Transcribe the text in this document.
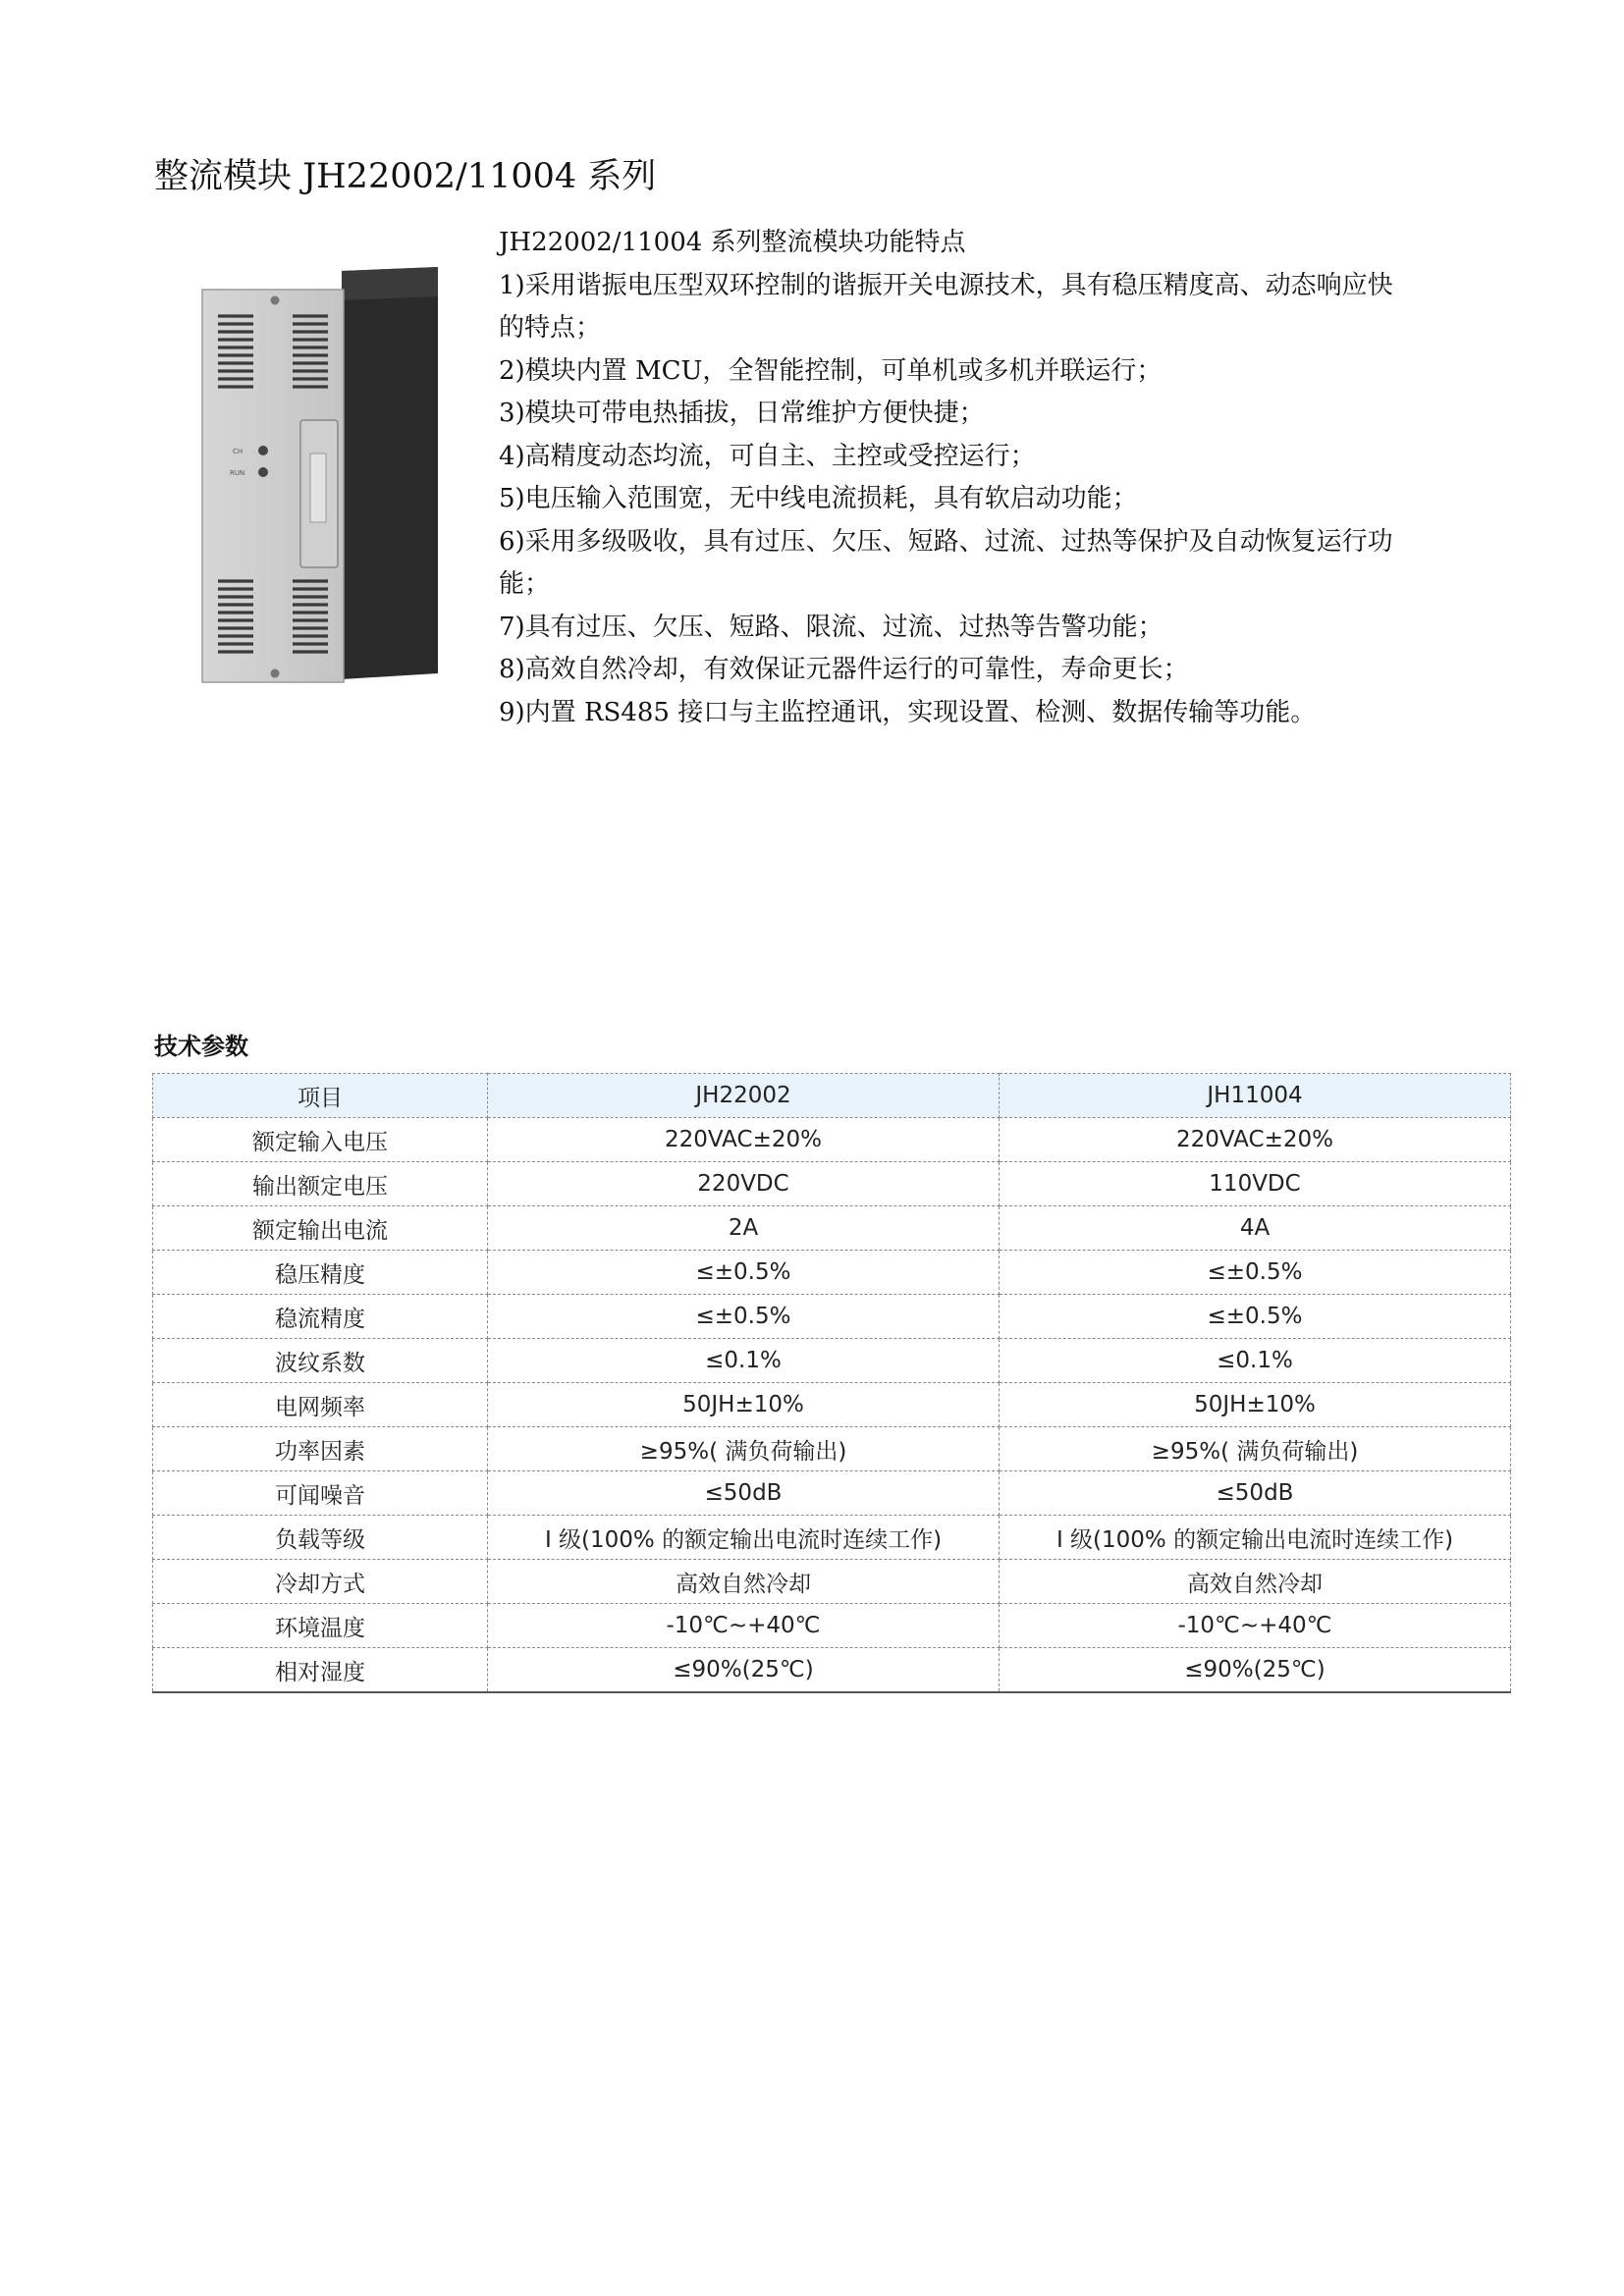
整流模块 JH22002/11004 系列
CH
RUN
JH22002/11004 系列整流模块功能特点
1)采用谐振电压型双环控制的谐振开关电源技术，具有稳压精度高、动态响应快
的特点；
2)模块内置 MCU，全智能控制，可单机或多机并联运行；
3)模块可带电热插拔，日常维护方便快捷；
4)高精度动态均流，可自主、主控或受控运行；
5)电压输入范围宽，无中线电流损耗，具有软启动功能；
6)采用多级吸收，具有过压、欠压、短路、过流、过热等保护及自动恢复运行功
能；
7)具有过压、欠压、短路、限流、过流、过热等告警功能；
8)高效自然冷却，有效保证元器件运行的可靠性，寿命更长；
9)内置 RS485 接口与主监控通讯，实现设置、检测、数据传输等功能。
技术参数
项目	JH22002	JH11004
额定输入电压	220VAC±20%	220VAC±20%
输出额定电压	220VDC	110VDC
额定输出电流	2A	4A
稳压精度	≤±0.5%	≤±0.5%
稳流精度	≤±0.5%	≤±0.5%
波纹系数	≤0.1%	≤0.1%
电网频率	50JH±10%	50JH±10%
功率因素	≥95%( 满负荷输出)	≥95%( 满负荷输出)
可闻噪音	≤50dB	≤50dB
负载等级	Ⅰ 级(100% 的额定输出电流时连续工作)	Ⅰ 级(100% 的额定输出电流时连续工作)
冷却方式	高效自然冷却	高效自然冷却
环境温度	-10℃~+40℃	-10℃~+40℃
相对湿度	≤90%(25℃)	≤90%(25℃)
